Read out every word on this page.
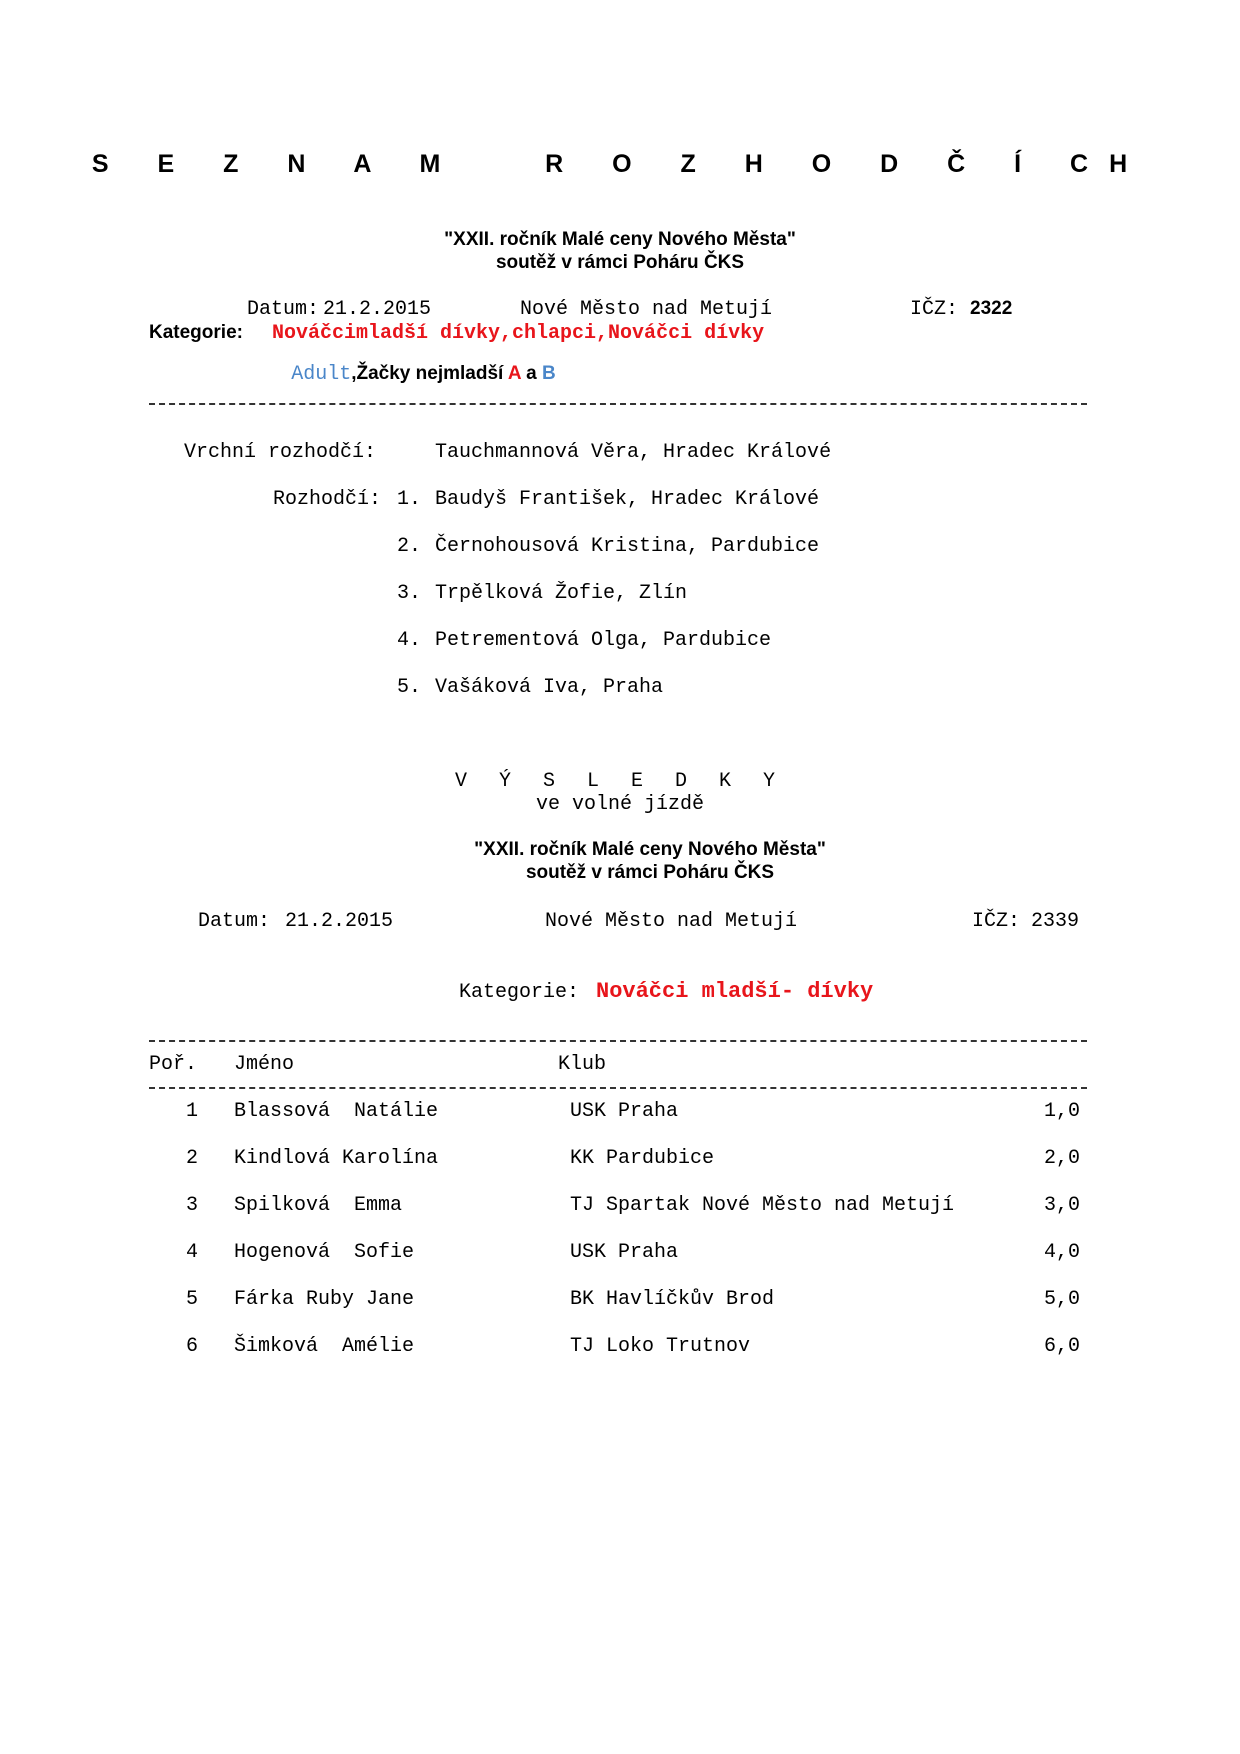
S E Z N A M   R O Z H O D Č Í CH
"XXII. ročník Malé ceny Nového Města"
soutěž v rámci Poháru ČKS
Datum: 21.2.2015	Nové Město nad Metují	IČZ: 2322
Kategorie: Nováčcimladší dívky,chlapci,Nováčci dívky

Adult,Žačky nejmladší A a B

Vrchní rozhodčí:	Tauchmannová Věra, Hradec Králové
Rozhodčí: 1. Baudyš František, Hradec Králové
2. Černohousová Kristina, Pardubice
3. Trpělková Žofie, Zlín
4. Petrementová Olga, Pardubice
5. Vašáková Iva, Praha
V Ý S L E D K Y
ve volné jízdě
"XXII. ročník Malé ceny Nového Města"
soutěž v rámci Poháru ČKS
Datum: 21.2.2015	Nové Město nad Metují	IČZ: 2339
Kategorie: Nováčci mladší- dívky
Poř. Jméno	Klub
1 Blassová  Natálie	USK Praha	1,0
2 Kindlová Karolína	KK Pardubice	2,0
3 Spilková  Emma	TJ Spartak Nové Město nad Metují	3,0
4 Hogenová  Sofie	USK Praha	4,0
5 Fárka Ruby Jane	BK Havlíčkův Brod	5,0
6 Šimková  Amélie	TJ Loko Trutnov	6,0
